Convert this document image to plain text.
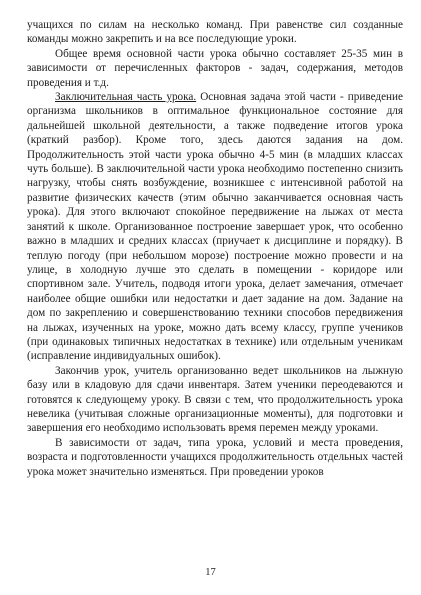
учащихся по силам на несколько команд. При равенстве сил созданные команды можно закрепить и на все последующие уроки.

Общее время основной части урока обычно составляет 25-35 мин в зависимости от перечисленных факторов - задач, содержания, методов проведения и т.д.

Заключительная часть урока. Основная задача этой части - приведение организма школьников в оптимальное функциональное состояние для дальнейшей школьной деятельности, а также подведение итогов урока (краткий разбор). Кроме того, здесь даются задания на дом. Продолжительность этой части урока обычно 4-5 мин (в младших классах чуть больше). В заключительной части урока необходимо постепенно снизить нагрузку, чтобы снять возбуждение, возникшее с интенсивной работой на развитие физических качеств (этим обычно заканчивается основная часть урока). Для этого включают спокойное передвижение на лыжах от места занятий к школе. Организованное построение завершает урок, что особенно важно в младших и средних классах (приучает к дисциплине и порядку). В теплую погоду (при небольшом морозе) построение можно провести и на улице, в холодную лучше это сделать в помещении - коридоре или спортивном зале. Учитель, подводя итоги урока, делает замечания, отмечает наиболее общие ошибки или недостатки и дает задание на дом. Задание на дом по закреплению и совершенствованию техники способов передвижения на лыжах, изученных на уроке, можно дать всему классу, группе учеников (при одинаковых типичных недостатках в технике) или отдельным ученикам (исправление индивидуальных ошибок).

Закончив урок, учитель организованно ведет школьников на лыжную базу или в кладовую для сдачи инвентаря. Затем ученики переодеваются и готовятся к следующему уроку. В связи с тем, что продолжительность урока невелика (учитывая сложные организационные моменты), для подготовки и завершения его необходимо использовать время перемен между уроками.

В зависимости от задач, типа урока, условий и места проведения, возраста и подготовленности учащихся продолжительность отдельных частей урока может значительно изменяться. При проведении уроков

17
